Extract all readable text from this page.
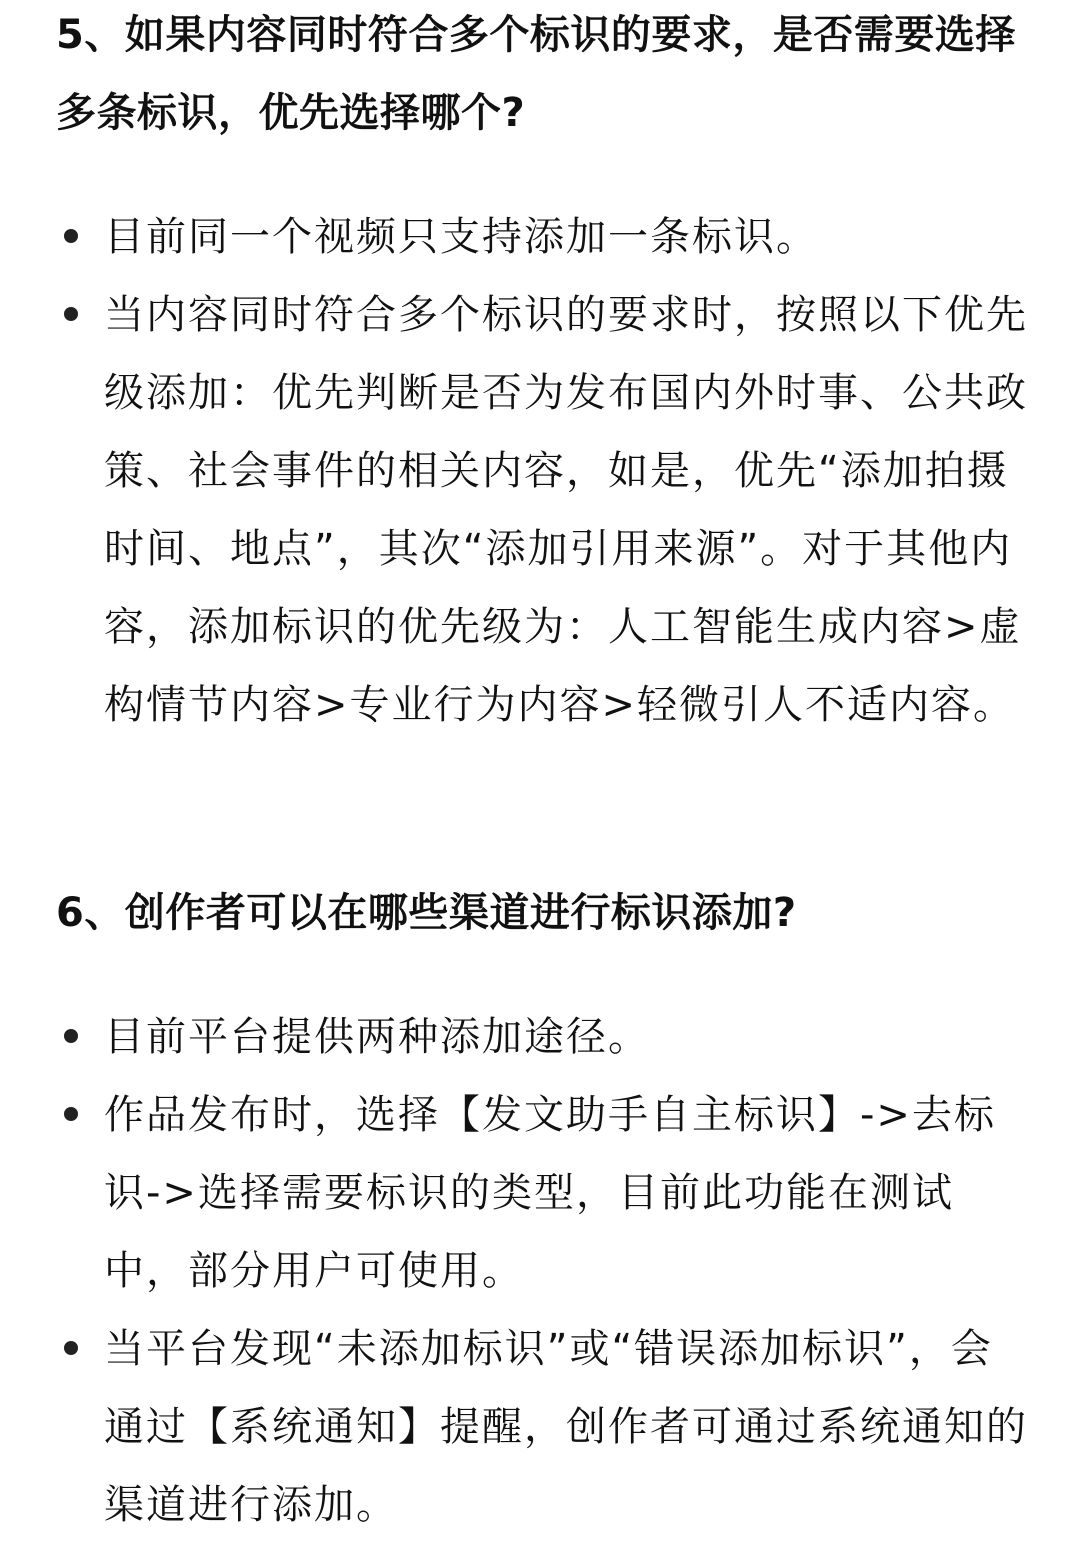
5、如果内容同时符合多个标识的要求，是否需要选择多条标识，优先选择哪个?
目前同一个视频只支持添加一条标识。
当内容同时符合多个标识的要求时，按照以下优先级添加：优先判断是否为发布国内外时事、公共政策、社会事件的相关内容，如是，优先“添加拍摄时间、地点”，其次“添加引用来源”。对于其他内容，添加标识的优先级为：人工智能生成内容>虚构情节内容>专业行为内容>轻微引人不适内容。
6、创作者可以在哪些渠道进行标识添加?
目前平台提供两种添加途径。
作品发布时，选择【发文助手自主标识】->去标识->选择需要标识的类型，目前此功能在测试中，部分用户可使用。
当平台发现“未添加标识”或“错误添加标识”，会通过【系统通知】提醒，创作者可通过系统通知的渠道进行添加。
